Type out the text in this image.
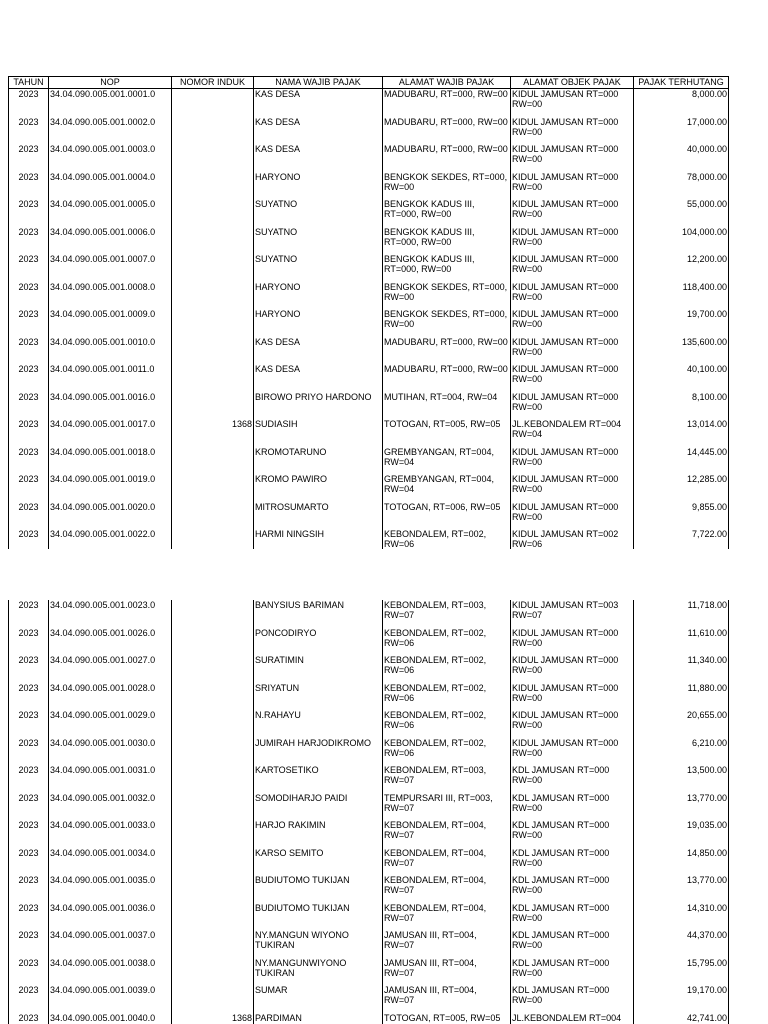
TAHUN	NOP	NOMOR INDUK	NAMA WAJIB PAJAK	ALAMAT WAJIB PAJAK	ALAMAT OBJEK PAJAK	PAJAK TERHUTANG
2023	34.04.090.005.001.0001.0		KAS DESA	MADUBARU, RT=000, RW=00	KIDUL JAMUSAN RT=000 RW=00	8,000.00
2023	34.04.090.005.001.0002.0		KAS DESA	MADUBARU, RT=000, RW=00	KIDUL JAMUSAN RT=000 RW=00	17,000.00
2023	34.04.090.005.001.0003.0		KAS DESA	MADUBARU, RT=000, RW=00	KIDUL JAMUSAN RT=000 RW=00	40,000.00
2023	34.04.090.005.001.0004.0		HARYONO	BENGKOK SEKDES, RT=000, RW=00	KIDUL JAMUSAN RT=000 RW=00	78,000.00
2023	34.04.090.005.001.0005.0		SUYATNO	BENGKOK KADUS III, RT=000, RW=00	KIDUL JAMUSAN RT=000 RW=00	55,000.00
2023	34.04.090.005.001.0006.0		SUYATNO	BENGKOK KADUS III, RT=000, RW=00	KIDUL JAMUSAN RT=000 RW=00	104,000.00
2023	34.04.090.005.001.0007.0		SUYATNO	BENGKOK KADUS III, RT=000, RW=00	KIDUL JAMUSAN RT=000 RW=00	12,200.00
2023	34.04.090.005.001.0008.0		HARYONO	BENGKOK SEKDES, RT=000, RW=00	KIDUL JAMUSAN RT=000 RW=00	118,400.00
2023	34.04.090.005.001.0009.0		HARYONO	BENGKOK SEKDES, RT=000, RW=00	KIDUL JAMUSAN RT=000 RW=00	19,700.00
2023	34.04.090.005.001.0010.0		KAS DESA	MADUBARU, RT=000, RW=00	KIDUL JAMUSAN RT=000 RW=00	135,600.00
2023	34.04.090.005.001.0011.0		KAS DESA	MADUBARU, RT=000, RW=00	KIDUL JAMUSAN RT=000 RW=00	40,100.00
2023	34.04.090.005.001.0016.0		BIROWO PRIYO HARDONO	MUTIHAN, RT=004, RW=04	KIDUL JAMUSAN RT=000 RW=00	8,100.00
2023	34.04.090.005.001.0017.0	1368	SUDIASIH	TOTOGAN, RT=005, RW=05	JL.KEBONDALEM RT=004 RW=04	13,014.00
2023	34.04.090.005.001.0018.0		KROMOTARUNO	GREMBYANGAN, RT=004, RW=04	KIDUL JAMUSAN RT=000 RW=00	14,445.00
2023	34.04.090.005.001.0019.0		KROMO PAWIRO	GREMBYANGAN, RT=004, RW=04	KIDUL JAMUSAN RT=000 RW=00	12,285.00
2023	34.04.090.005.001.0020.0		MITROSUMARTO	TOTOGAN, RT=006, RW=05	KIDUL JAMUSAN RT=000 RW=00	9,855.00
2023	34.04.090.005.001.0022.0		HARMI NINGSIH	KEBONDALEM, RT=002, RW=06	KIDUL JAMUSAN RT=002 RW=06	7,722.00
2023	34.04.090.005.001.0023.0		BANYSIUS BARIMAN	KEBONDALEM, RT=003, RW=07	KIDUL JAMUSAN RT=003 RW=07	11,718.00
2023	34.04.090.005.001.0026.0		PONCODIRYO	KEBONDALEM, RT=002, RW=06	KIDUL JAMUSAN RT=000 RW=00	11,610.00
2023	34.04.090.005.001.0027.0		SURATIMIN	KEBONDALEM, RT=002, RW=06	KIDUL JAMUSAN RT=000 RW=00	11,340.00
2023	34.04.090.005.001.0028.0		SRIYATUN	KEBONDALEM, RT=002, RW=06	KIDUL JAMUSAN RT=000 RW=00	11,880.00
2023	34.04.090.005.001.0029.0		N.RAHAYU	KEBONDALEM, RT=002, RW=06	KIDUL JAMUSAN RT=000 RW=00	20,655.00
2023	34.04.090.005.001.0030.0		JUMIRAH HARJODIKROMO	KEBONDALEM, RT=002, RW=06	KIDUL JAMUSAN RT=000 RW=00	6,210.00
2023	34.04.090.005.001.0031.0		KARTOSETIKO	KEBONDALEM, RT=003, RW=07	KDL JAMUSAN RT=000 RW=00	13,500.00
2023	34.04.090.005.001.0032.0		SOMODIHARJO PAIDI	TEMPURSARI III, RT=003, RW=07	KDL JAMUSAN RT=000 RW=00	13,770.00
2023	34.04.090.005.001.0033.0		HARJO RAKIMIN	KEBONDALEM, RT=004, RW=07	KDL JAMUSAN RT=000 RW=00	19,035.00
2023	34.04.090.005.001.0034.0		KARSO SEMITO	KEBONDALEM, RT=004, RW=07	KDL JAMUSAN RT=000 RW=00	14,850.00
2023	34.04.090.005.001.0035.0		BUDIUTOMO TUKIJAN	KEBONDALEM, RT=004, RW=07	KDL JAMUSAN RT=000 RW=00	13,770.00
2023	34.04.090.005.001.0036.0		BUDIUTOMO TUKIJAN	KEBONDALEM, RT=004, RW=07	KDL JAMUSAN RT=000 RW=00	14,310.00
2023	34.04.090.005.001.0037.0		NY.MANGUN WIYONO TUKIRAN	JAMUSAN III, RT=004, RW=07	KDL JAMUSAN RT=000 RW=00	44,370.00
2023	34.04.090.005.001.0038.0		NY.MANGUNWIYONO TUKIRAN	JAMUSAN III, RT=004, RW=07	KDL JAMUSAN RT=000 RW=00	15,795.00
2023	34.04.090.005.001.0039.0		SUMAR	JAMUSAN III, RT=004, RW=07	KDL JAMUSAN RT=000 RW=00	19,170.00
2023	34.04.090.005.001.0040.0	1368	PARDIMAN	TOTOGAN, RT=005, RW=05	JL.KEBONDALEM RT=004	42,741.00
